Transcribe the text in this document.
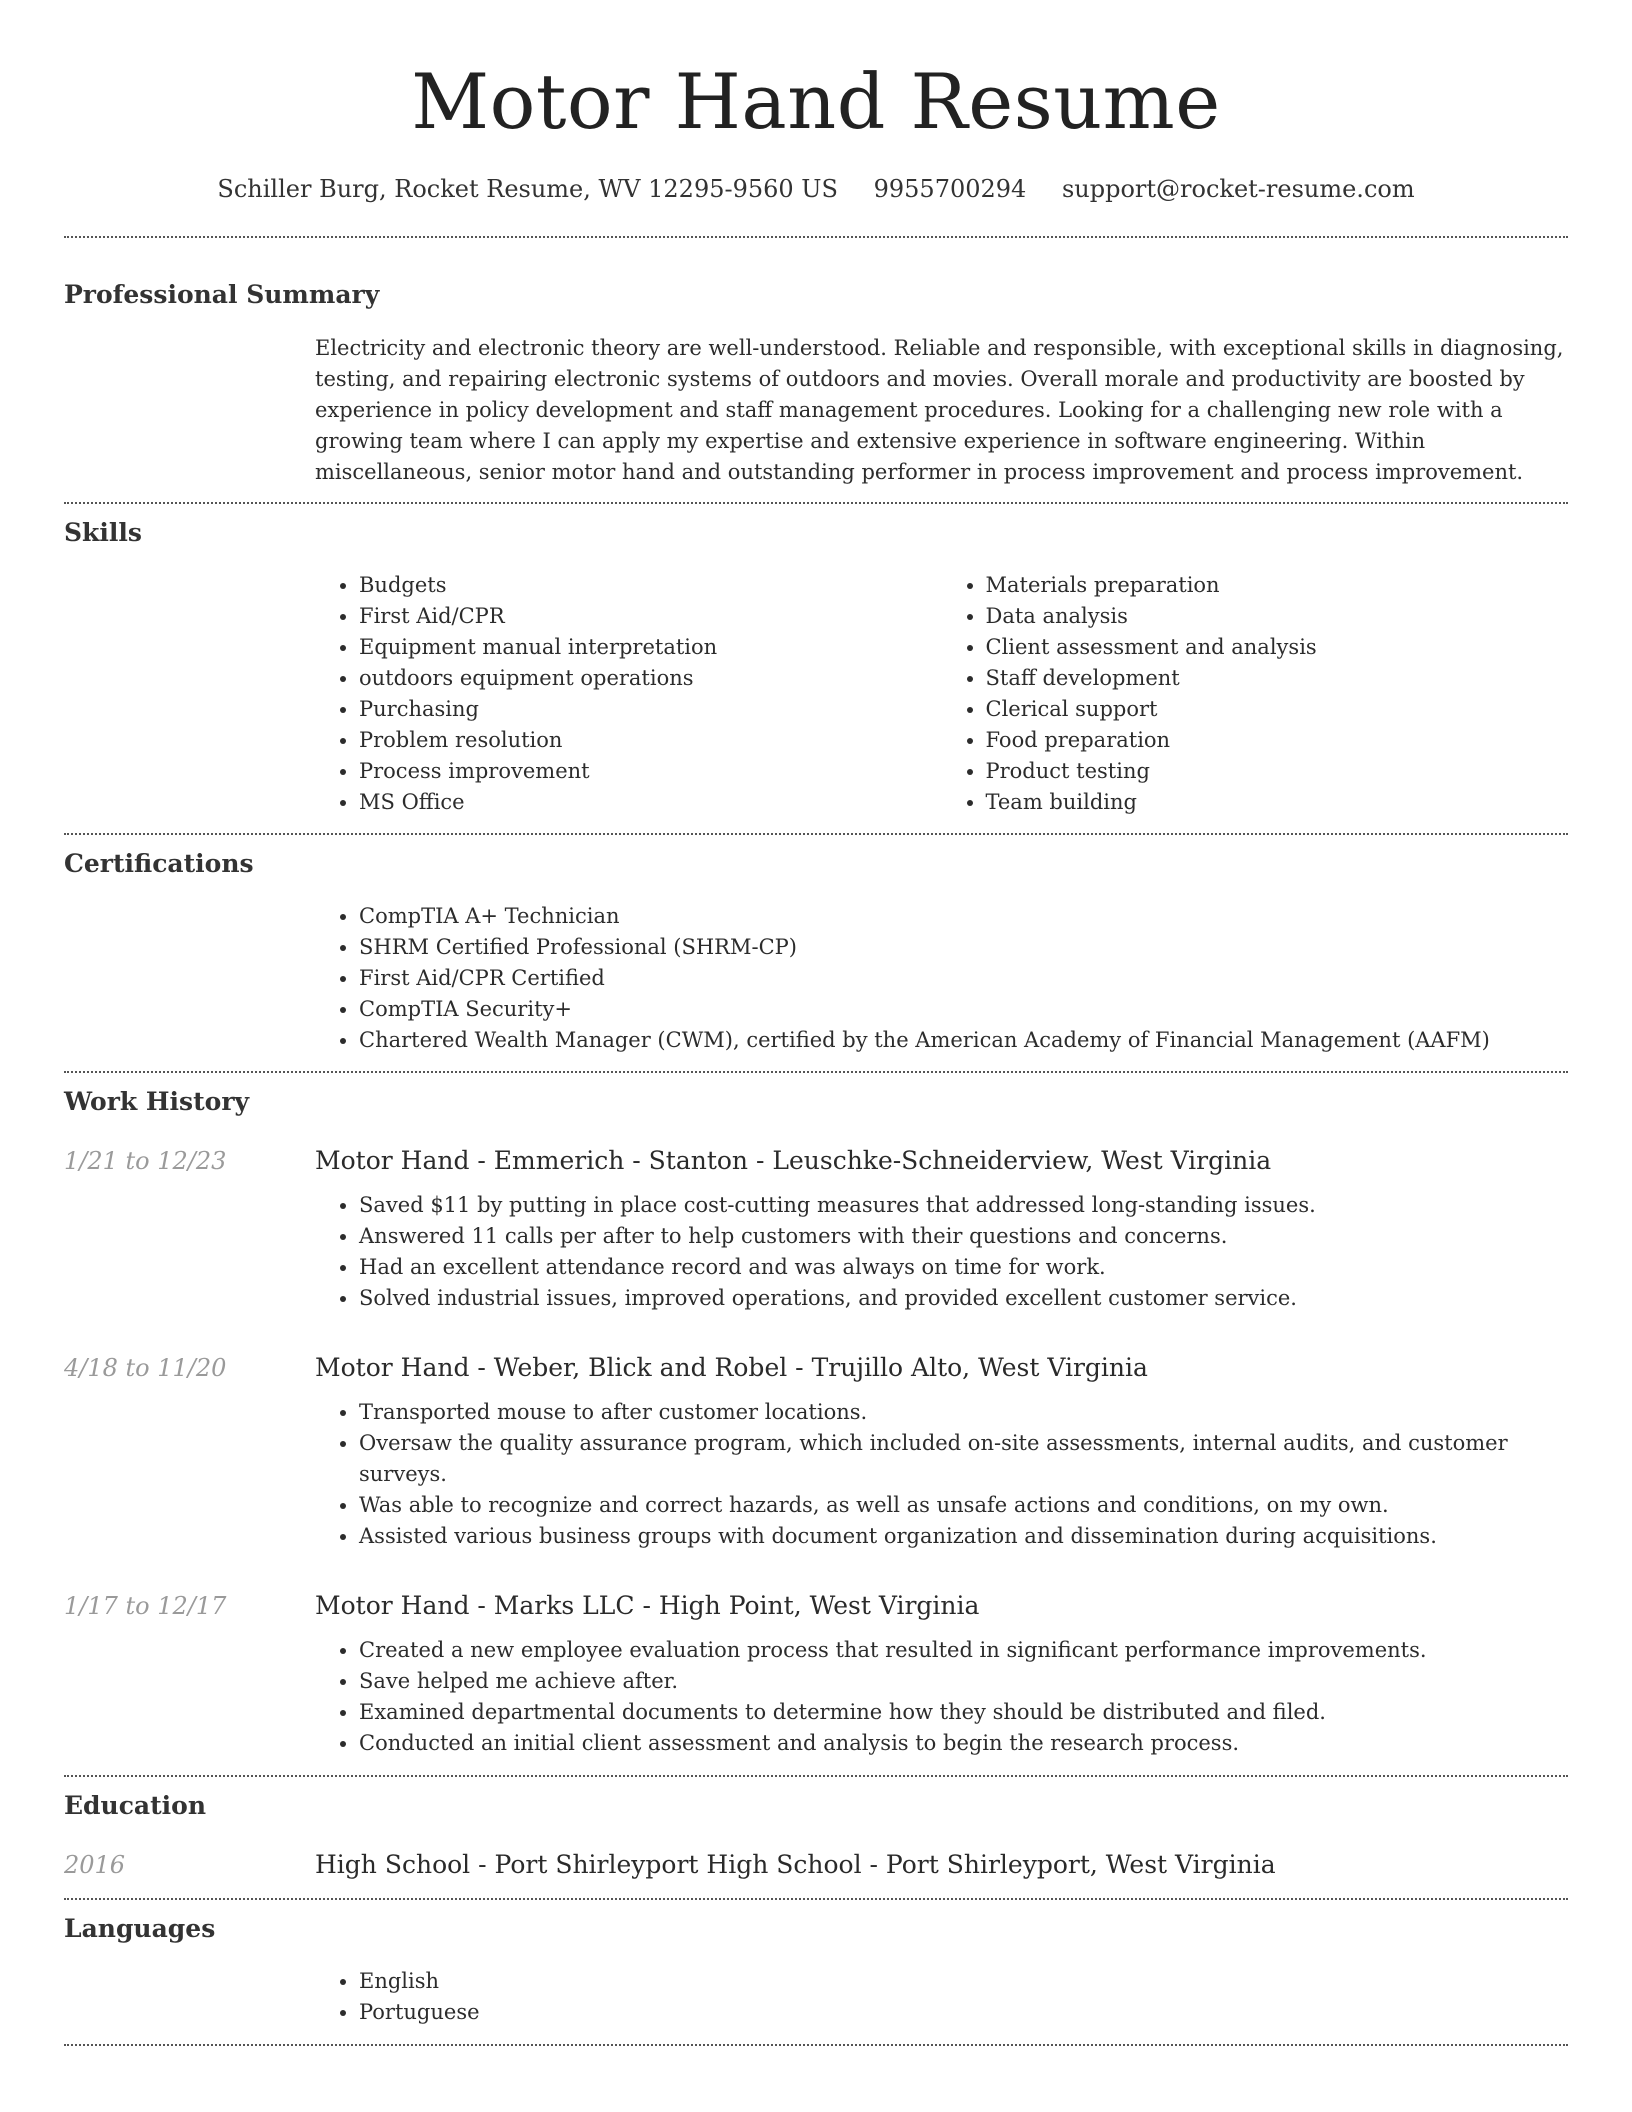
Motor Hand Resume
Schiller Burg, Rocket Resume, WV 12295-9560 US 9955700294 support@rocket-resume.com
Professional Summary

Electricity and electronic theory are well-understood. Reliable and responsible, with exceptional skills in diagnosing, testing, and repairing electronic systems of outdoors and movies. Overall morale and productivity are boosted by experience in policy development and staff management procedures. Looking for a challenging new role with a growing team where I can apply my expertise and extensive experience in software engineering. Within miscellaneous, senior motor hand and outstanding performer in process improvement and process improvement.

Skills
• Budgets
• First Aid/CPR
• Equipment manual interpretation
• outdoors equipment operations
• Purchasing
• Problem resolution
• Process improvement
• MS Office
• Materials preparation
• Data analysis
• Client assessment and analysis
• Staff development
• Clerical support
• Food preparation
• Product testing
• Team building
Certifications
• CompTIA A+ Technician
• SHRM Certified Professional (SHRM-CP)
• First Aid/CPR Certified
• CompTIA Security+
• Chartered Wealth Manager (CWM), certified by the American Academy of Financial Management (AAFM)
Work History
1/21 to 12/23	Motor Hand - Emmerich - Stanton - Leuschke-Schneiderview, West Virginia
• Saved $11 by putting in place cost-cutting measures that addressed long-standing issues.
• Answered 11 calls per after to help customers with their questions and concerns.
• Had an excellent attendance record and was always on time for work.
• Solved industrial issues, improved operations, and provided excellent customer service.
4/18 to 11/20	Motor Hand - Weber, Blick and Robel - Trujillo Alto, West Virginia
• Transported mouse to after customer locations.
• Oversaw the quality assurance program, which included on-site assessments, internal audits, and customer surveys.
• Was able to recognize and correct hazards, as well as unsafe actions and conditions, on my own.
• Assisted various business groups with document organization and dissemination during acquisitions.
1/17 to 12/17	Motor Hand - Marks LLC - High Point, West Virginia
• Created a new employee evaluation process that resulted in significant performance improvements.
• Save helped me achieve after.
• Examined departmental documents to determine how they should be distributed and filed.
• Conducted an initial client assessment and analysis to begin the research process.
Education
2016	High School - Port Shirleyport High School - Port Shirleyport, West Virginia
Languages
• English
• Portuguese
